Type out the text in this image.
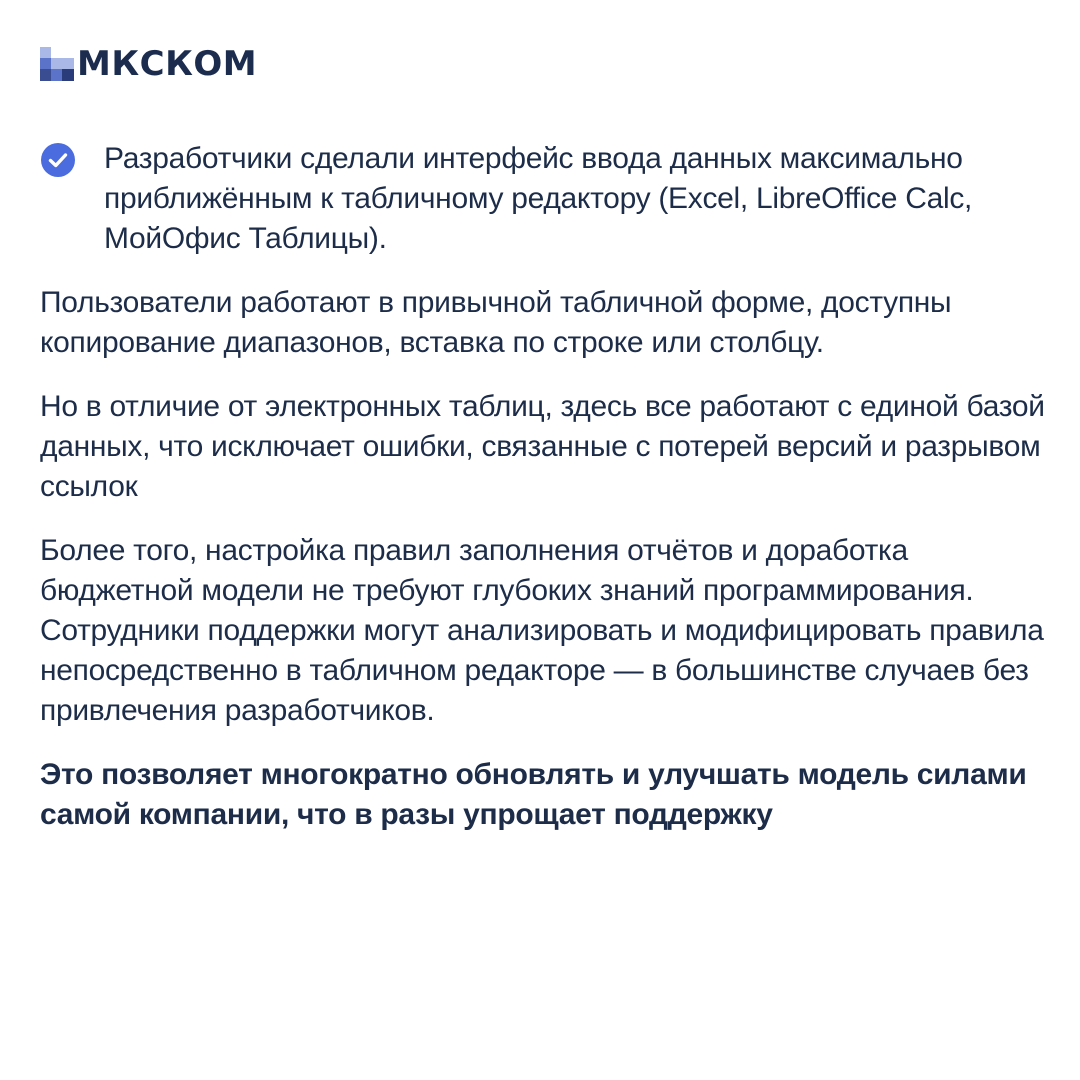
МКСКОМ
Разработчики сделали интерфейс ввода данных максимально приближённым к табличному редактору (Excel, LibreOffice Calc, МойОфис Таблицы).

Пользователи работают в привычной табличной форме, доступны копирование диапазонов, вставка по строке или столбцу.

Но в отличие от электронных таблиц, здесь все работают с единой базой данных, что исключает ошибки, связанные с потерей версий и разрывом ссылок

Более того, настройка правил заполнения отчётов и доработка бюджетной модели не требуют глубоких знаний программирования. Сотрудники поддержки могут анализировать и модифицировать правила непосредственно в табличном редакторе — в большинстве случаев без привлечения разработчиков.

Это позволяет многократно обновлять и улучшать модель силами самой компании, что в разы упрощает поддержку
